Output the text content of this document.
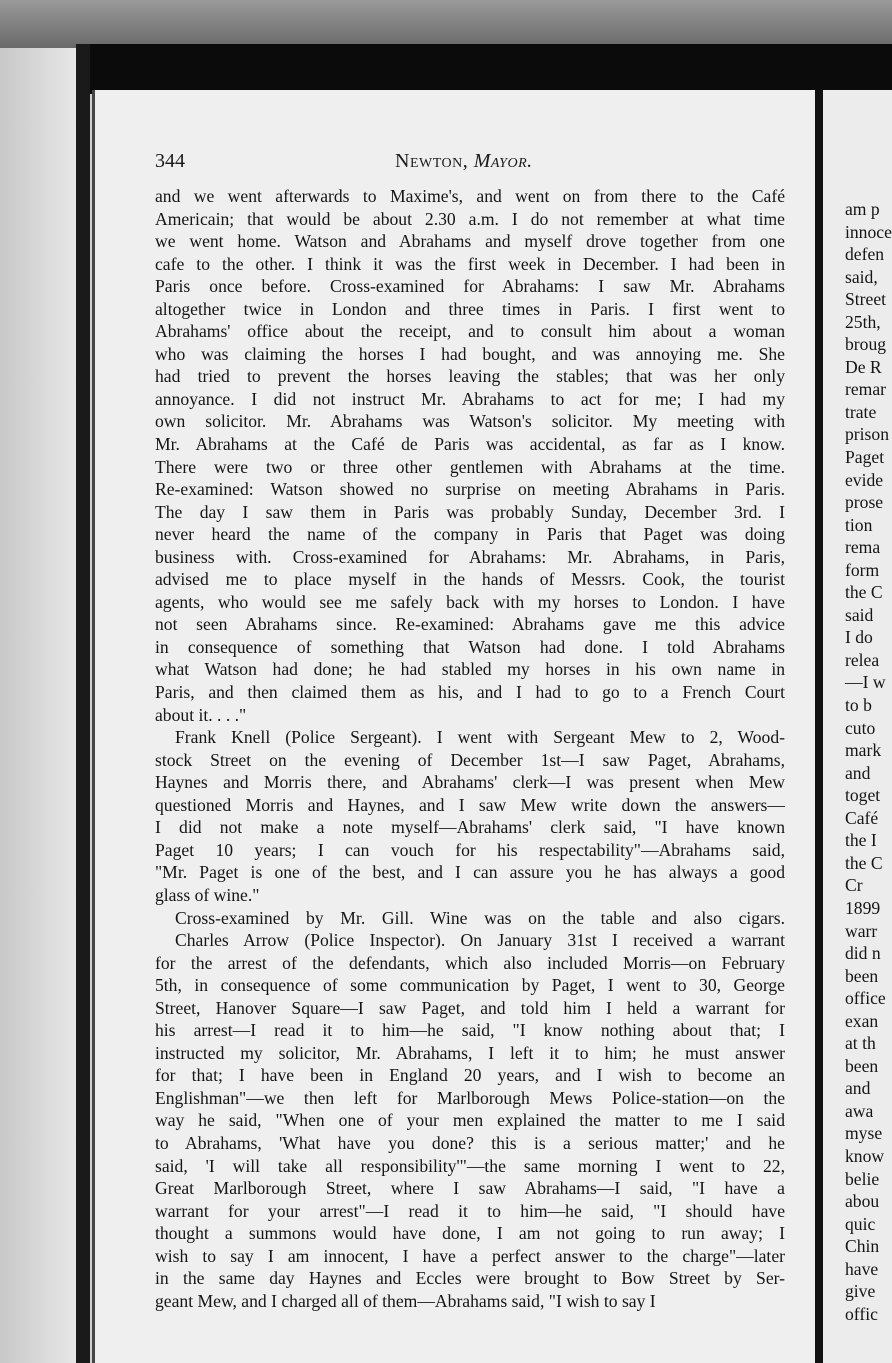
am p
innoce
defen
said,
Street
25th,
broug
De R
remar
trate
prison
Paget
evide
prose
tion
rema
form
the C
said
I do
relea
—I w
to b
cuto
mark
and
toget
Café
the I
the C
Cr
1899
warr
did n
been
office
exan
at th
been
and
awa
myse
know
belie
abou
quic
Chin
have
give
offic
344	Newton, Mayor.
and we went afterwards to Maxime's, and went on from there to the Café
Americain; that would be about 2.30 a.m. I do not remember at what time
we went home. Watson and Abrahams and myself drove together from one
cafe to the other. I think it was the first week in December. I had been in
Paris once before. Cross-examined for Abrahams: I saw Mr. Abrahams
altogether twice in London and three times in Paris. I first went to
Abrahams' office about the receipt, and to consult him about a woman
who was claiming the horses I had bought, and was annoying me. She
had tried to prevent the horses leaving the stables; that was her only
annoyance. I did not instruct Mr. Abrahams to act for me; I had my
own solicitor. Mr. Abrahams was Watson's solicitor. My meeting with
Mr. Abrahams at the Café de Paris was accidental, as far as I know.
There were two or three other gentlemen with Abrahams at the time.
Re-examined: Watson showed no surprise on meeting Abrahams in Paris.
The day I saw them in Paris was probably Sunday, December 3rd. I
never heard the name of the company in Paris that Paget was doing
business with. Cross-examined for Abrahams: Mr. Abrahams, in Paris,
advised me to place myself in the hands of Messrs. Cook, the tourist
agents, who would see me safely back with my horses to London. I have
not seen Abrahams since. Re-examined: Abrahams gave me this advice
in consequence of something that Watson had done. I told Abrahams
what Watson had done; he had stabled my horses in his own name in
Paris, and then claimed them as his, and I had to go to a French Court
about it. . . ."
Frank Knell (Police Sergeant). I went with Sergeant Mew to 2, Wood-
stock Street on the evening of December 1st—I saw Paget, Abrahams,
Haynes and Morris there, and Abrahams' clerk—I was present when Mew
questioned Morris and Haynes, and I saw Mew write down the answers—
I did not make a note myself—Abrahams' clerk said, "I have known
Paget 10 years; I can vouch for his respectability"—Abrahams said,
"Mr. Paget is one of the best, and I can assure you he has always a good
glass of wine."
Cross-examined by Mr. Gill. Wine was on the table and also cigars.
Charles Arrow (Police Inspector). On January 31st I received a warrant
for the arrest of the defendants, which also included Morris—on February
5th, in consequence of some communication by Paget, I went to 30, George
Street, Hanover Square—I saw Paget, and told him I held a warrant for
his arrest—I read it to him—he said, "I know nothing about that; I
instructed my solicitor, Mr. Abrahams, I left it to him; he must answer
for that; I have been in England 20 years, and I wish to become an
Englishman"—we then left for Marlborough Mews Police-station—on the
way he said, "When one of your men explained the matter to me I said
to Abrahams, 'What have you done? this is a serious matter;' and he
said, 'I will take all responsibility'"—the same morning I went to 22,
Great Marlborough Street, where I saw Abrahams—I said, "I have a
warrant for your arrest"—I read it to him—he said, "I should have
thought a summons would have done, I am not going to run away; I
wish to say I am innocent, I have a perfect answer to the charge"—later
in the same day Haynes and Eccles were brought to Bow Street by Ser-
geant Mew, and I charged all of them—Abrahams said, "I wish to say I
